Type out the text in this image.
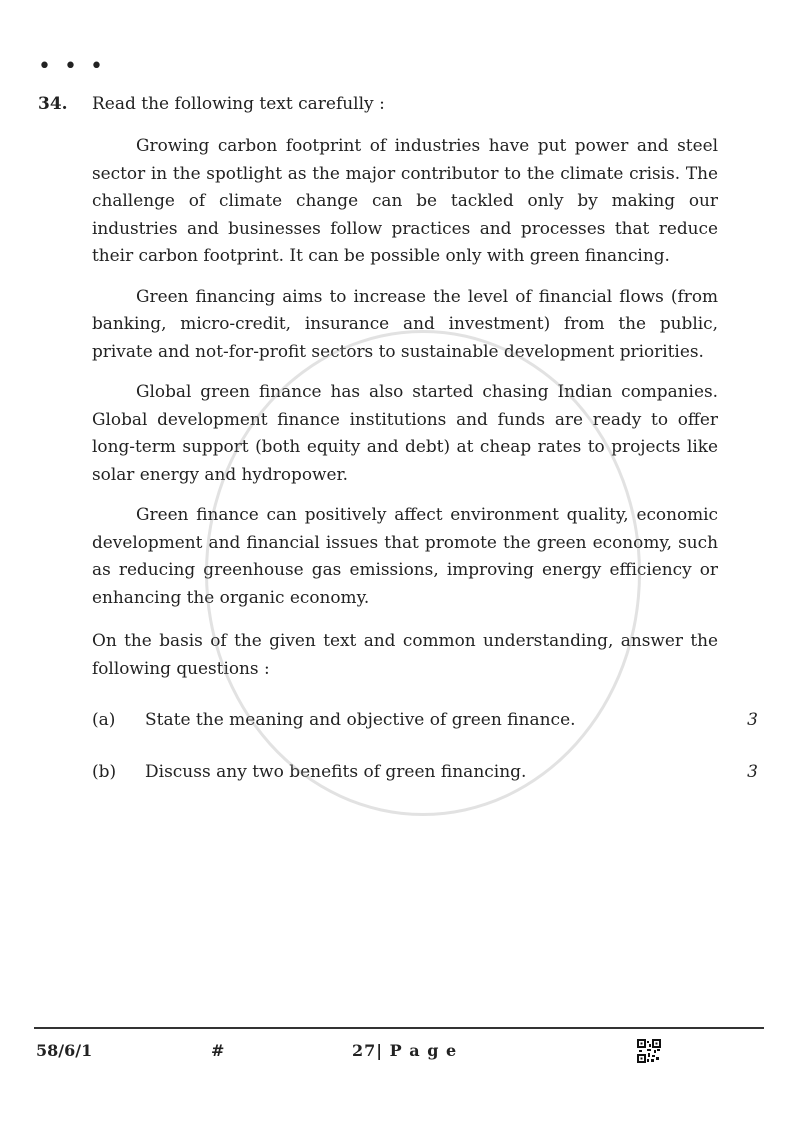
• • •
34. Read the following text carefully :

Growing carbon footprint of industries have put power and steel sector in the spotlight as the major contributor to the climate crisis. The challenge of climate change can be tackled only by making our industries and businesses follow practices and processes that reduce their carbon footprint. It can be possible only with green financing.

Green financing aims to increase the level of financial flows (from banking, micro-credit, insurance and investment) from the public, private and not-for-profit sectors to sustainable development priorities.

Global green finance has also started chasing Indian companies. Global development finance institutions and funds are ready to offer long-term support (both equity and debt) at cheap rates to projects like solar energy and hydropower.

Green finance can positively affect environment quality, economic development and financial issues that promote the green economy, such as reducing greenhouse gas emissions, improving energy efficiency or enhancing the organic economy.

On the basis of the given text and common understanding, answer the following questions :

(a) State the meaning and objective of green finance.	3
(b) Discuss any two benefits of green financing.	3
58/6/1	#	27| P a g e
